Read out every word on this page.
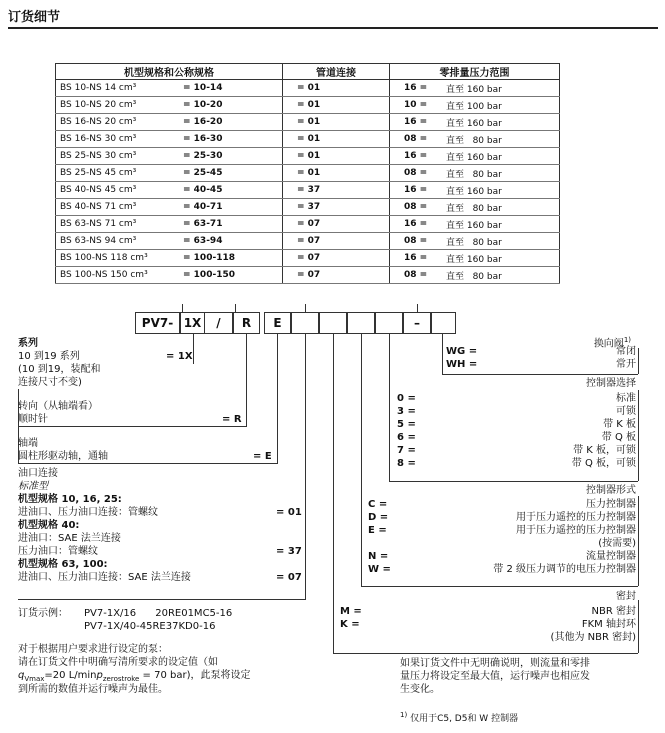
订货细节
机型规格和公称规格		管道连接	零排量压力范围	
BS 10-NS 14 cm³	= 10-14	= 01	16 =	直至 160 bar
BS 10-NS 20 cm³	= 10-20	= 01	10 =	直至 100 bar
BS 16-NS 20 cm³	= 16-20	= 01	16 =	直至 160 bar
BS 16-NS 30 cm³	= 16-30	= 01	08 =	直至   80 bar
BS 25-NS 30 cm³	= 25-30	= 01	16 =	直至 160 bar
BS 25-NS 45 cm³	= 25-45	= 01	08 =	直至   80 bar
BS 40-NS 45 cm³	= 40-45	= 37	16 =	直至 160 bar
BS 40-NS 71 cm³	= 40-71	= 37	08 =	直至   80 bar
BS 63-NS 71 cm³	= 63-71	= 07	16 =	直至 160 bar
BS 63-NS 94 cm³	= 63-94	= 07	08 =	直至   80 bar
BS 100-NS 118 cm³	= 100-118	= 07	16 =	直至 160 bar
BS 100-NS 150 cm³	= 100-150	= 07	08 =	直至   80 bar
PV7- 1X	/	R	E	–
系列
10 到19 系列	= 1X
(10 到19，装配和
连接尺寸不变)
转向（从轴端看）
顺时针	= R
轴端
圆柱形驱动轴，通轴	= E
油口连接
标准型
机型规格 10, 16, 25:
进油口、压力油口连接：管螺纹	= 01
机型规格 40:
进油口：SAE 法兰连接
压力油口：管螺纹	= 37
机型规格 63, 100:
进油口、压力油口连接：SAE 法兰连接	= 07
订货示例： PV7-1X/16      20RE01MC5-16
PV7-1X/40-45RE37KD0-16
对于根据用户要求进行设定的泵：
请在订货文件中明确写清所要求的设定值（如
$q_{Vmax}=20$ L/minp$_{zerostroke}$ = 70 bar)，此泵将设定
到所需的数值并运行噪声为最佳。
换向阀$^{1)}$
WG =	常闭
WH =	常开
控制器选择
0 =	标准
3 =	可锁
5 =	带 K 板
6 =	带 Q 板
7 =	带 K 板，可锁
8 =	带 Q 板，可锁
控制器形式
C =	压力控制器
D =	用于压力遥控的压力控制器
E =	用于压力遥控的压力控制器
(按需要)
N =	流量控制器
W =	带 2 级压力调节的电压力控制器
密封
M =	NBR 密封
K =	FKM 轴封环
(其他为 NBR 密封)
如果订货文件中无明确说明，则流量和零排
量压力将设定至最大值，运行噪声也相应发
生变化。
$^{1)}$ 仅用于C5, D5和 W 控制器
